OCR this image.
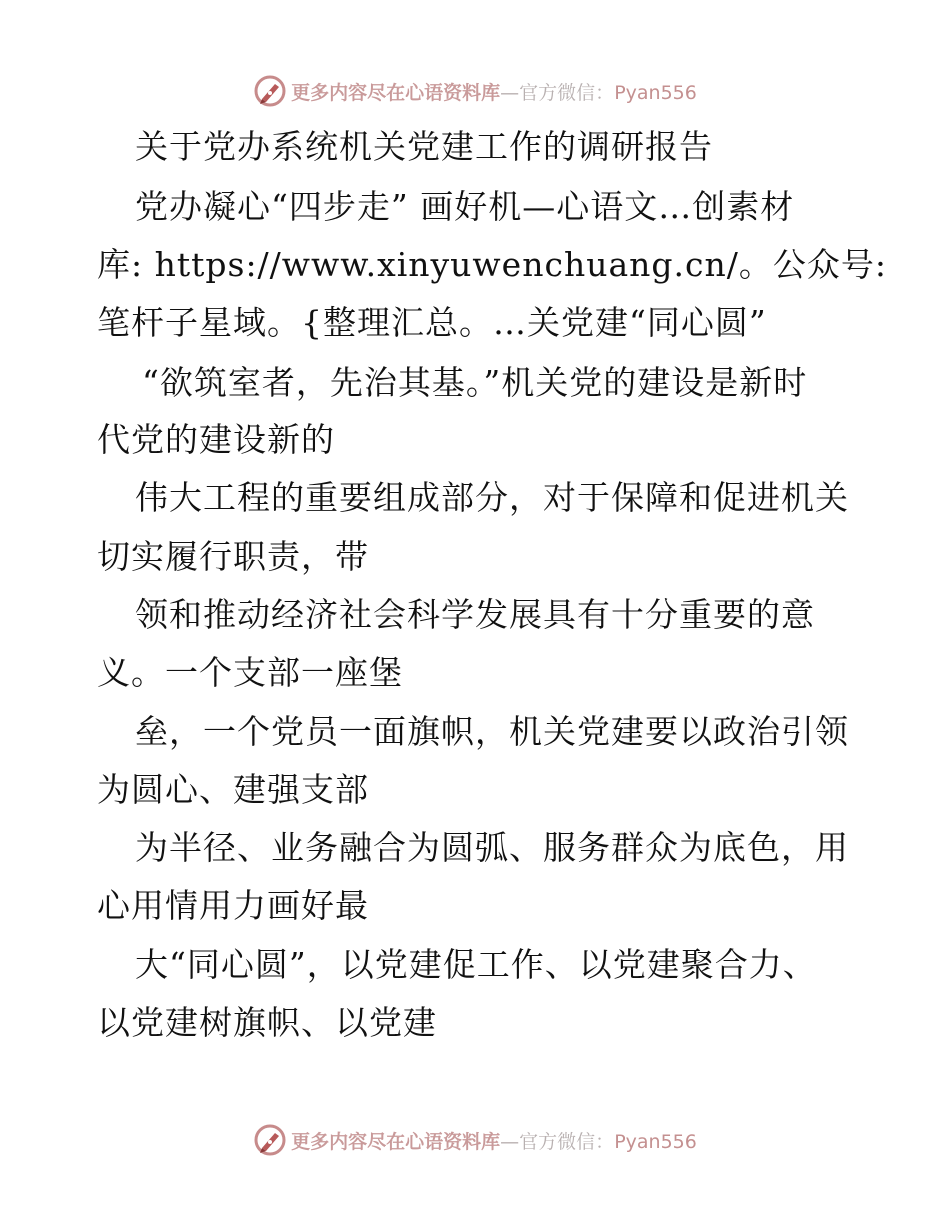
更多内容尽在心语资料库—官方微信：Pyan556
关于党办系统机关党建工作的调研报告
党办凝心“四步走” 画好机—心语文…创素材
库: https://www.xinyuwenchuang.cn/。公众号:
笔杆子星域。{整理汇总。…关党建“同心圆”
“欲筑室者，先治其基。”机关党的建设是新时
代党的建设新的
伟大工程的重要组成部分，对于保障和促进机关
切实履行职责，带
领和推动经济社会科学发展具有十分重要的意
义。一个支部一座堡
垒，一个党员一面旗帜，机关党建要以政治引领
为圆心、建强支部
为半径、业务融合为圆弧、服务群众为底色，用
心用情用力画好最
大“同心圆”，以党建促工作、以党建聚合力、
以党建树旗帜、以党建
更多内容尽在心语资料库—官方微信：Pyan556
